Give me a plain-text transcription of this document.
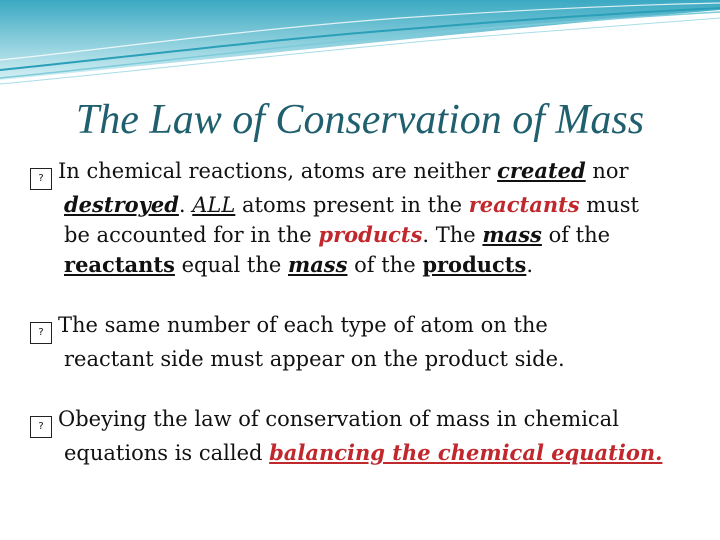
The Law of Conservation of Mass
? In chemical reactions, atoms are neither created nor
destroyed. ALL atoms present in the reactants must
be accounted for in the products. The mass of the
reactants equal the mass of the products.
? The same number of each type of atom on the
reactant side must appear on the product side.
? Obeying the law of conservation of mass in chemical
equations is called balancing the chemical equation.
